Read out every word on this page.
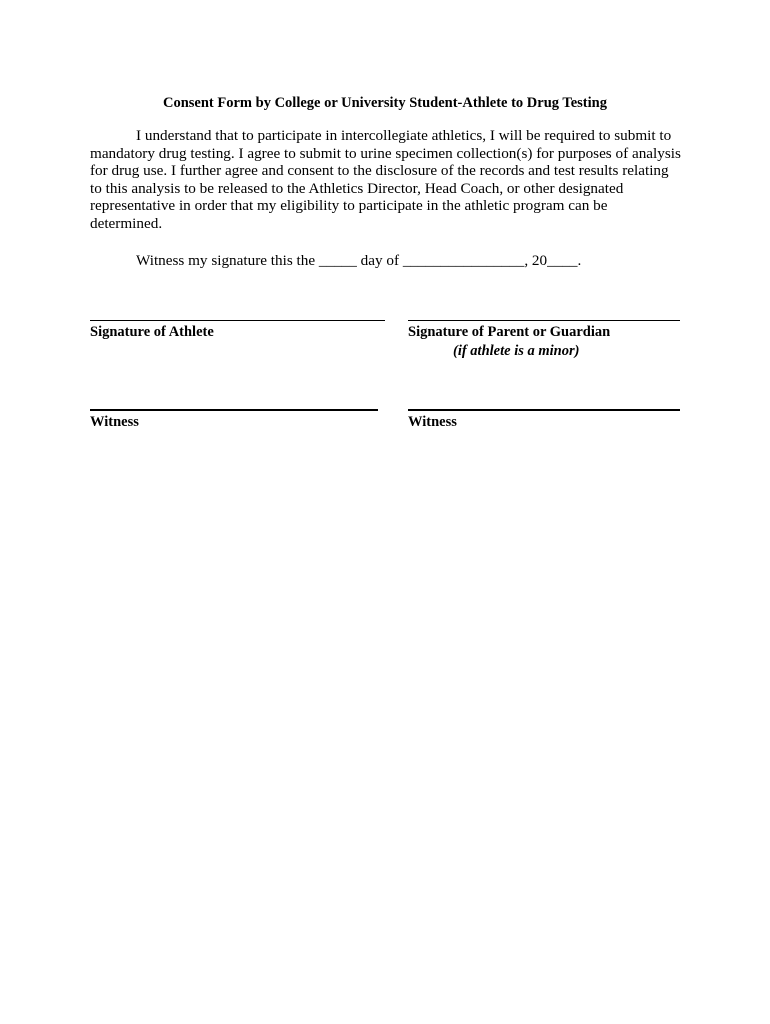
Consent Form by College or University Student-Athlete to Drug Testing
I understand that to participate in intercollegiate athletics, I will be required to submit to
mandatory drug testing. I agree to submit to urine specimen collection(s) for purposes of analysis
for drug use. I further agree and consent to the disclosure of the records and test results relating
to this analysis to be released to the Athletics Director, Head Coach, or other designated
representative in order that my eligibility to participate in the athletic program can be
determined.
Witness my signature this the _____ day of ________________, 20____.
Signature of Athlete	Signature of Parent or Guardian
(if athlete is a minor)
Witness	Witness
